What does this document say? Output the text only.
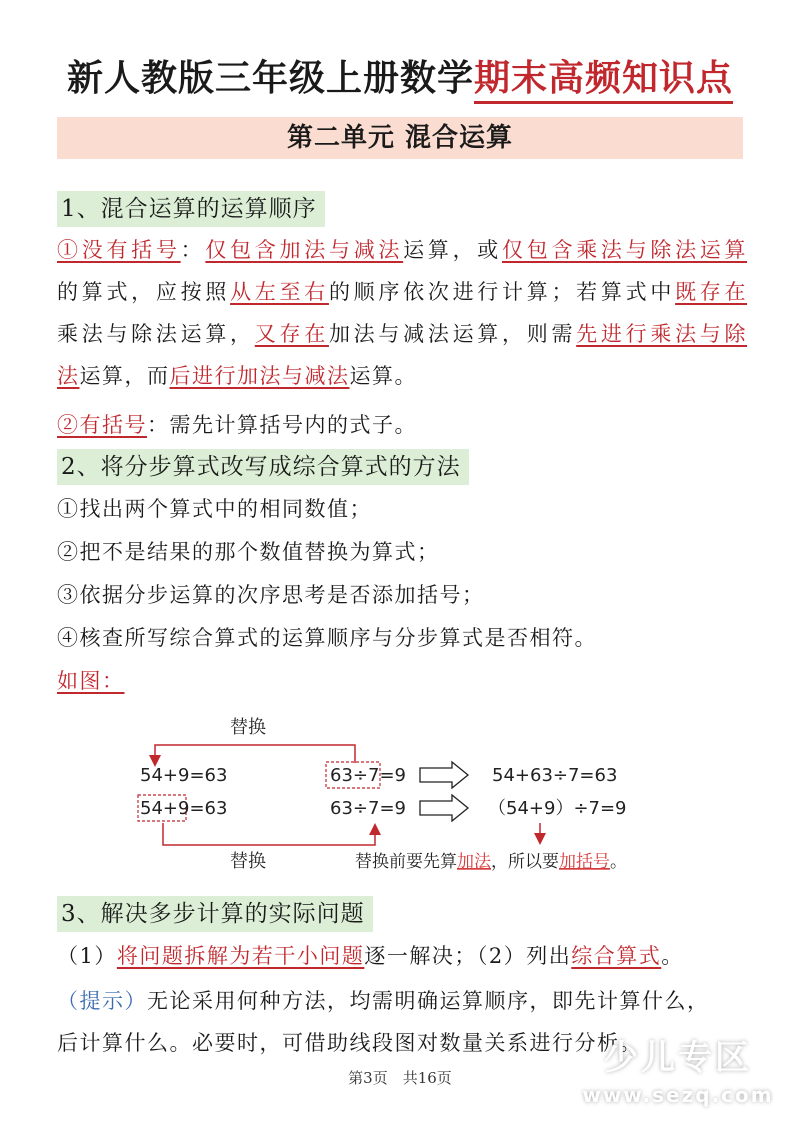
新人教版三年级上册数学期末高频知识点
第二单元 混合运算
1、混合运算的运算顺序
①没有括号：仅包含加法与减法运算，或仅包含乘法与除法运算
的算式，应按照从左至右的顺序依次进行计算；若算式中既存在
乘法与除法运算，又存在加法与减法运算，则需先进行乘法与除
法运算，而后进行加法与减法运算。
②有括号：需先计算括号内的式子。
2、将分步算式改写成综合算式的方法
①找出两个算式中的相同数值；
②把不是结果的那个数值替换为算式；
③依据分步运算的次序思考是否添加括号；
④核查所写综合算式的运算顺序与分步算式是否相符。
如图：
替换
54+9=63	63÷7=9	54+63÷7=63
54+9=63	63÷7=9	（54+9）÷7=9
替换	替换前要先算加法，所以要加括号。
3、解决多步计算的实际问题
（1）将问题拆解为若干小问题逐一解决；（2）列出综合算式。
（提示）无论采用何种方法，均需明确运算顺序，即先计算什么，
后计算什么。必要时，可借助线段图对数量关系进行分析。
第3页　共16页	少儿专区
www.sezq.com
